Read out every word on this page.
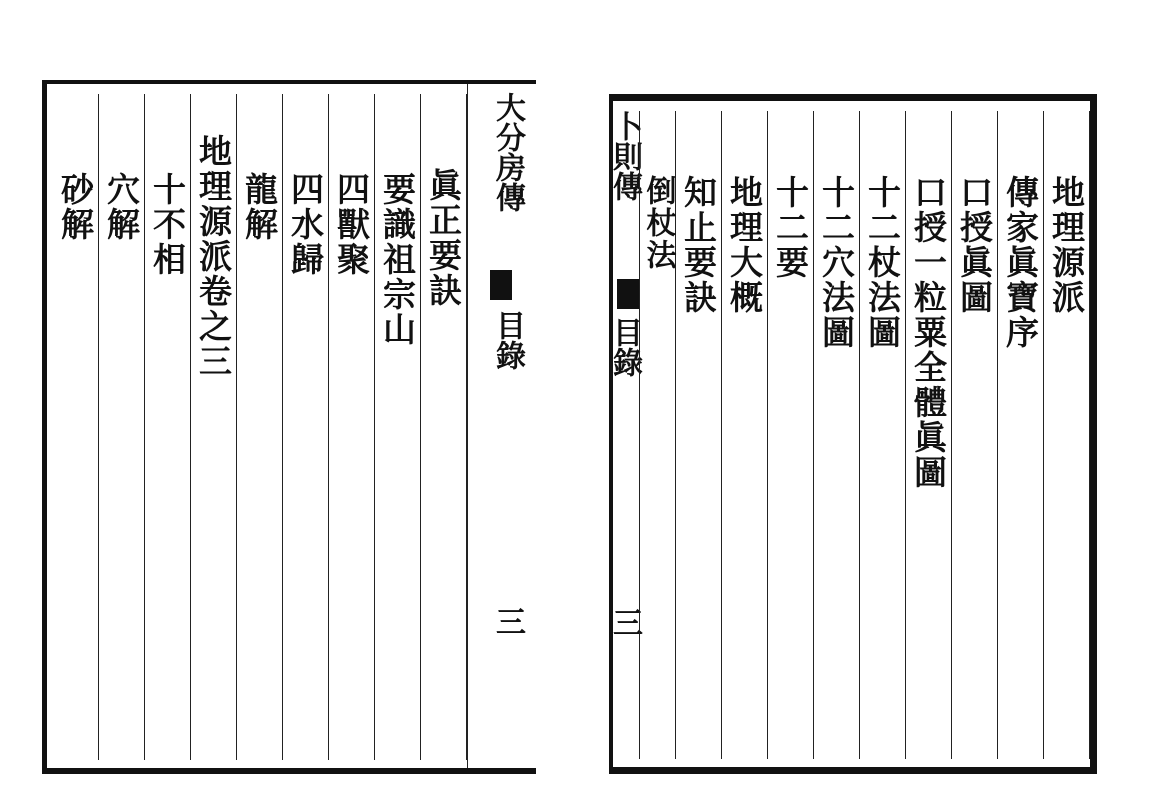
大分房傳
目錄
三
眞正要訣
要識祖宗山
四獸聚
四水歸
龍解
地理源派卷之三
十不相
穴解
砂解
卜則傳
目錄
三
地理源派
傳家眞寶序
口授眞圖
口授一粒粟全體眞圖
十二杖法圖
十二穴法圖
十二要
地理大概
知止要訣
倒杖法
